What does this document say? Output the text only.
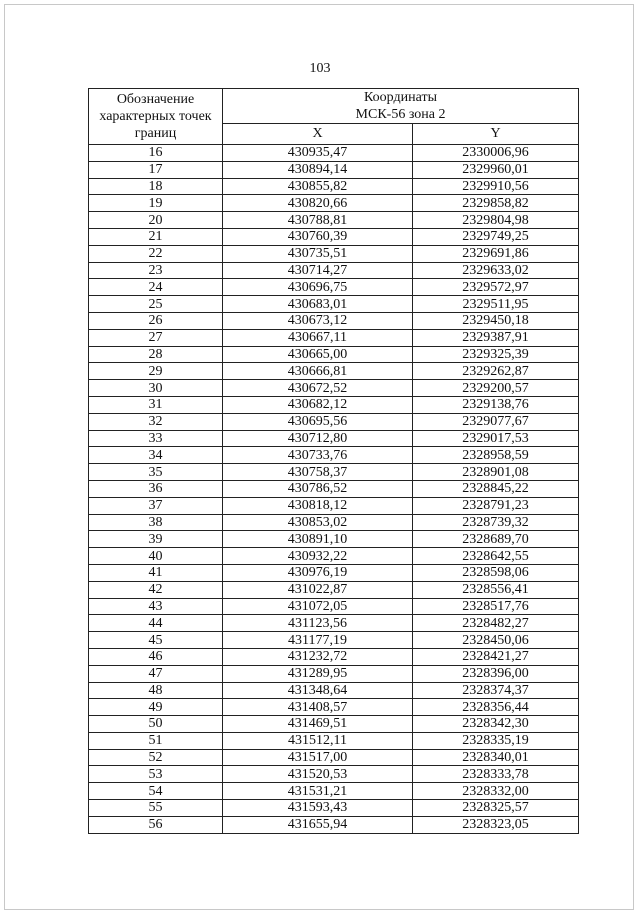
103
Обозначение характерных точек границ	Координаты
МСК-56 зона 2	
	X	Y
16	430935,47	2330006,96
17	430894,14	2329960,01
18	430855,82	2329910,56
19	430820,66	2329858,82
20	430788,81	2329804,98
21	430760,39	2329749,25
22	430735,51	2329691,86
23	430714,27	2329633,02
24	430696,75	2329572,97
25	430683,01	2329511,95
26	430673,12	2329450,18
27	430667,11	2329387,91
28	430665,00	2329325,39
29	430666,81	2329262,87
30	430672,52	2329200,57
31	430682,12	2329138,76
32	430695,56	2329077,67
33	430712,80	2329017,53
34	430733,76	2328958,59
35	430758,37	2328901,08
36	430786,52	2328845,22
37	430818,12	2328791,23
38	430853,02	2328739,32
39	430891,10	2328689,70
40	430932,22	2328642,55
41	430976,19	2328598,06
42	431022,87	2328556,41
43	431072,05	2328517,76
44	431123,56	2328482,27
45	431177,19	2328450,06
46	431232,72	2328421,27
47	431289,95	2328396,00
48	431348,64	2328374,37
49	431408,57	2328356,44
50	431469,51	2328342,30
51	431512,11	2328335,19
52	431517,00	2328340,01
53	431520,53	2328333,78
54	431531,21	2328332,00
55	431593,43	2328325,57
56	431655,94	2328323,05
